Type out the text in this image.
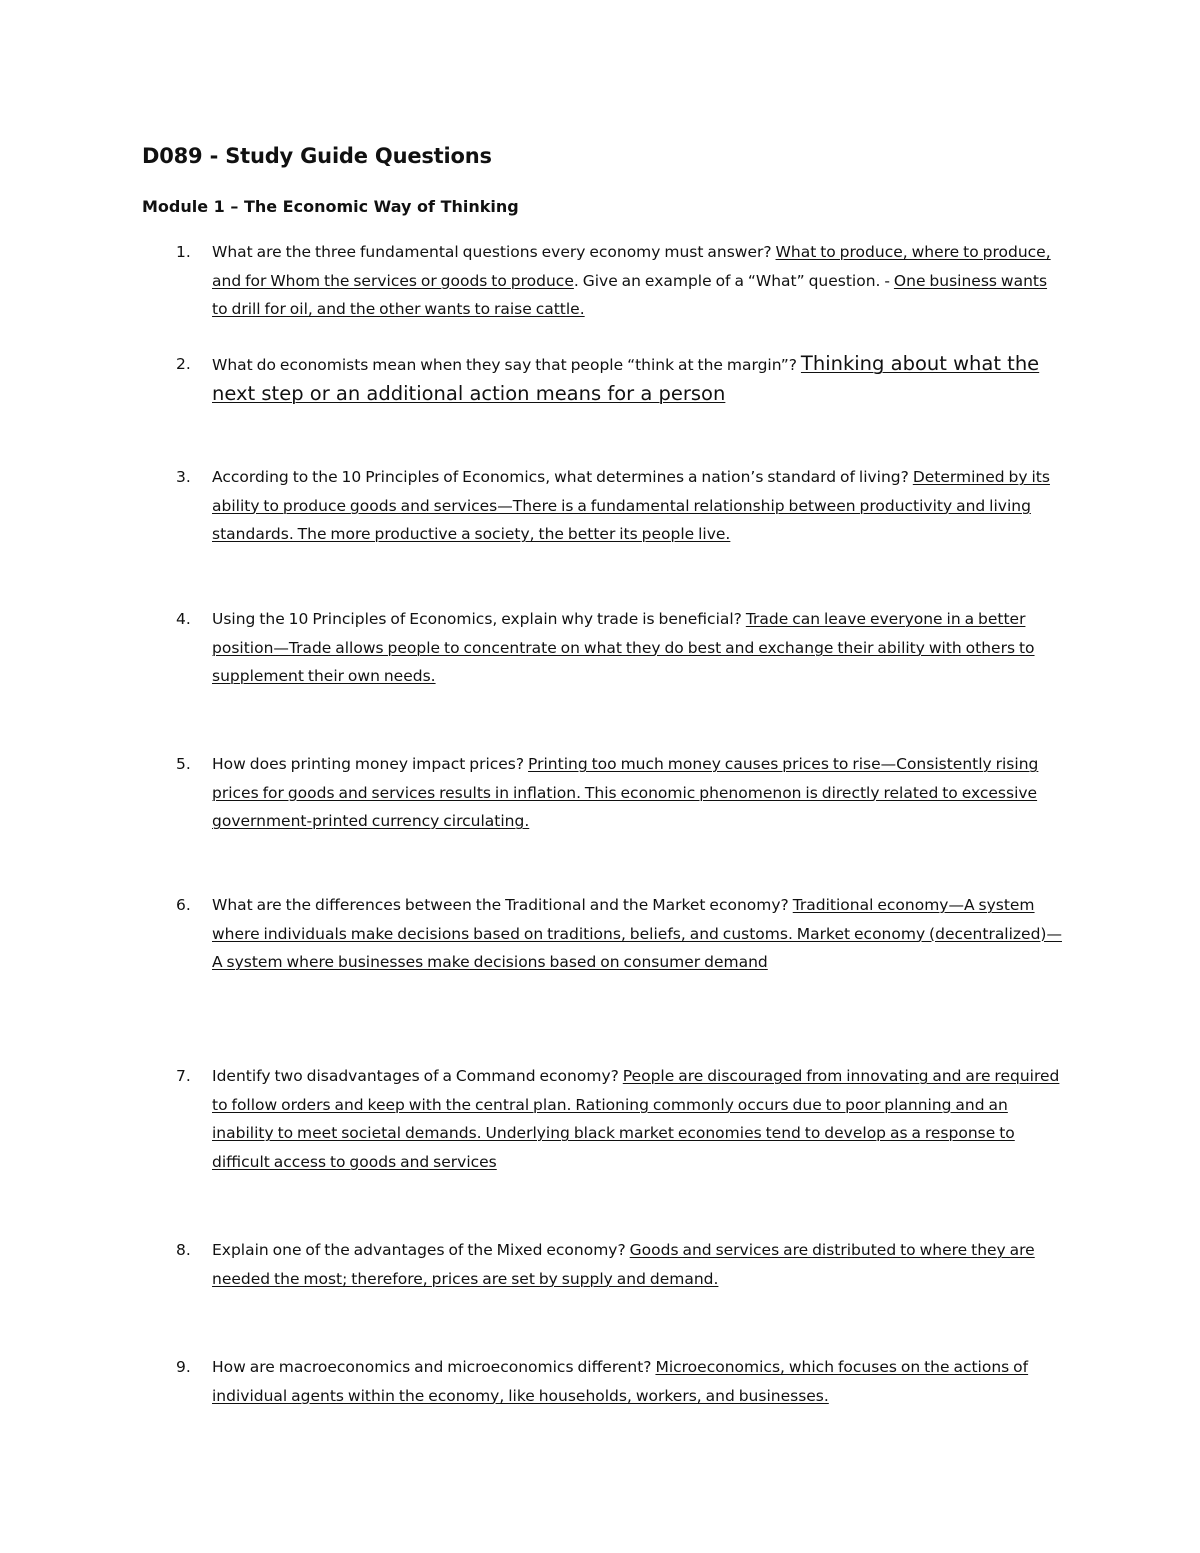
D089 - Study Guide Questions
Module 1 – The Economic Way of Thinking
1. What are the three fundamental questions every economy must answer? What to produce, where to produce, and for Whom the services or goods to produce. Give an example of a “What” question. - One business wants to drill for oil, and the other wants to raise cattle.
2. What do economists mean when they say that people “think at the margin”? Thinking about what the next step or an additional action means for a person
3. According to the 10 Principles of Economics, what determines a nation’s standard of living? Determined by its ability to produce goods and services—There is a fundamental relationship between productivity and living standards. The more productive a society, the better its people live.
4. Using the 10 Principles of Economics, explain why trade is beneficial? Trade can leave everyone in a better position—Trade allows people to concentrate on what they do best and exchange their ability with others to supplement their own needs.
5. How does printing money impact prices? Printing too much money causes prices to rise—Consistently rising prices for goods and services results in inflation. This economic phenomenon is directly related to excessive government-printed currency circulating.
6. What are the differences between the Traditional and the Market economy? Traditional economy—A system where individuals make decisions based on traditions, beliefs, and customs. Market economy (decentralized)—A system where businesses make decisions based on consumer demand
7. Identify two disadvantages of a Command economy? People are discouraged from innovating and are required to follow orders and keep with the central plan. Rationing commonly occurs due to poor planning and an inability to meet societal demands. Underlying black market economies tend to develop as a response to difficult access to goods and services
8. Explain one of the advantages of the Mixed economy? Goods and services are distributed to where they are needed the most; therefore, prices are set by supply and demand.
9. How are macroeconomics and microeconomics different? Microeconomics, which focuses on the actions of individual agents within the economy, like households, workers, and businesses.
